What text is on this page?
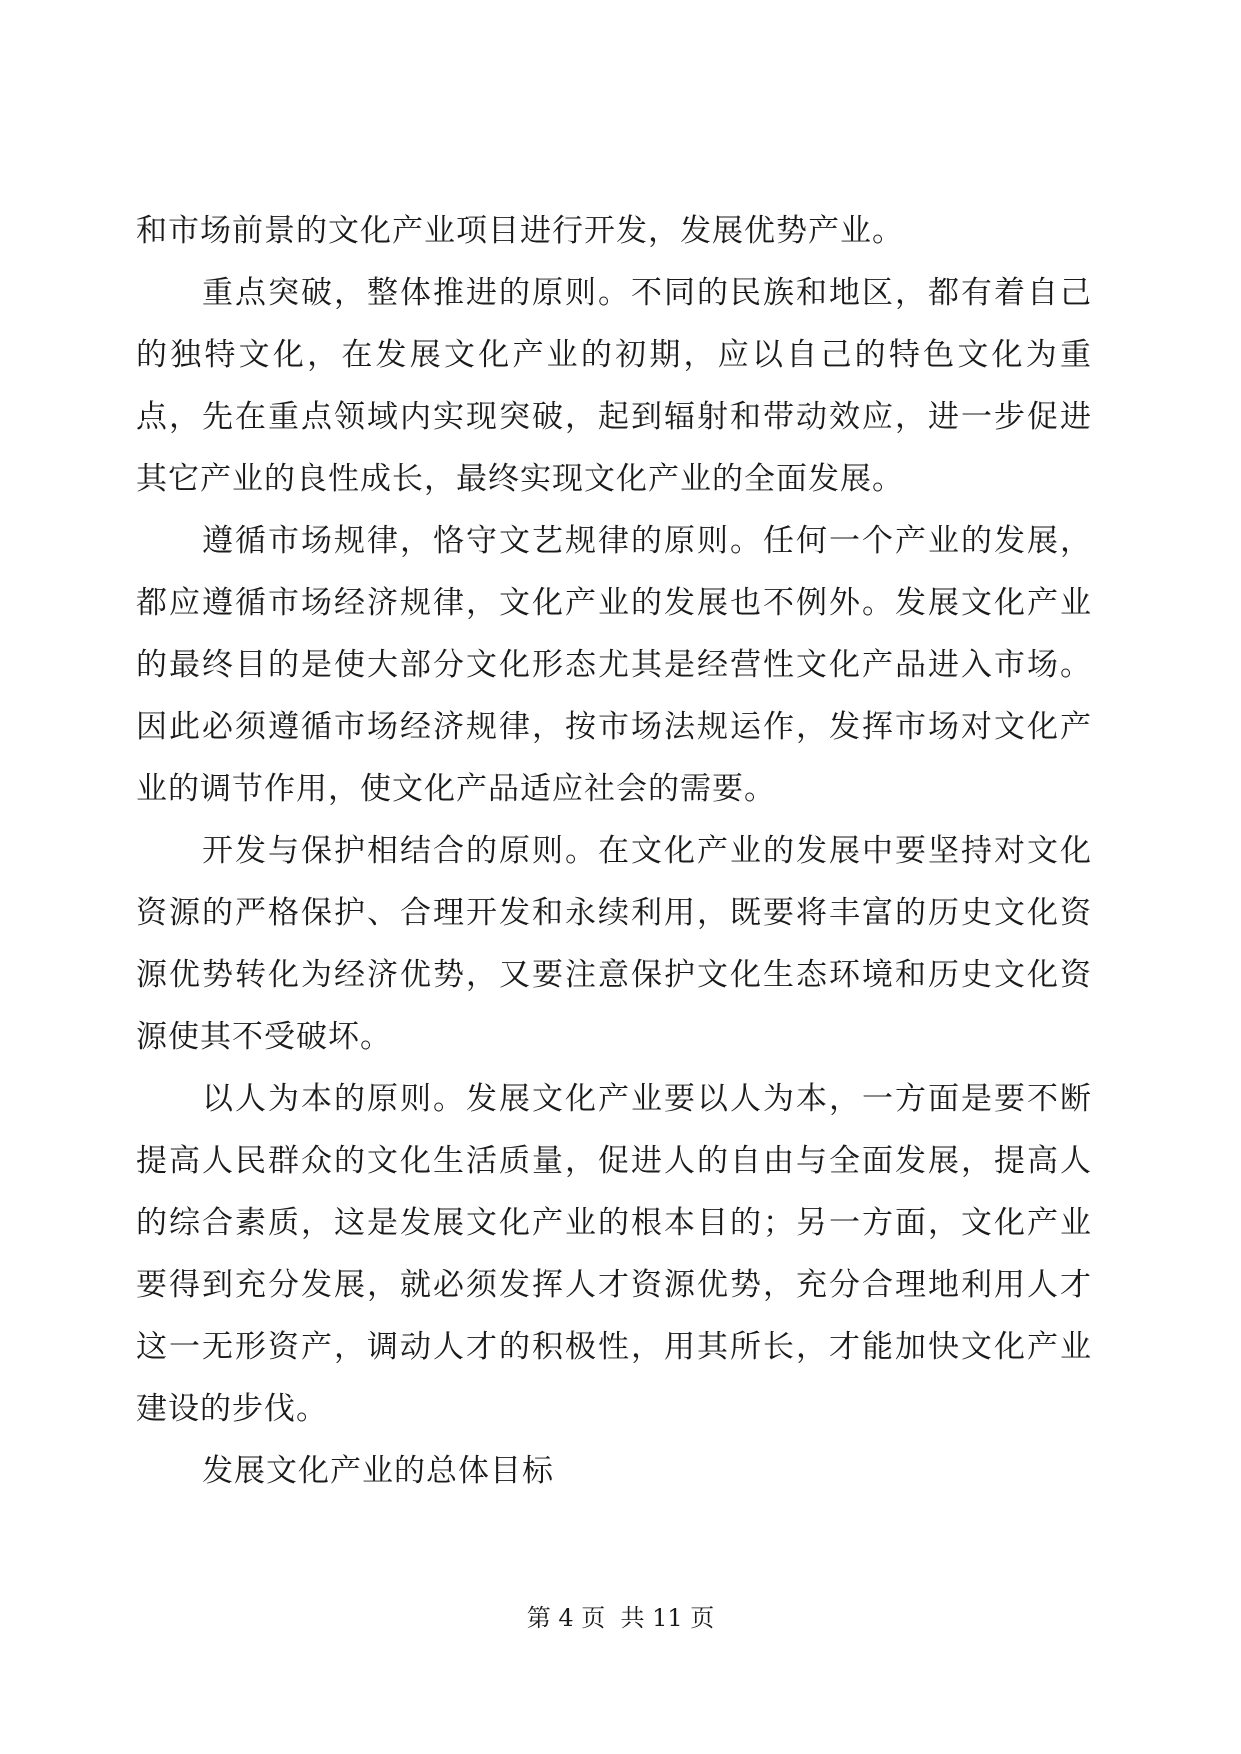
和市场前景的文化产业项目进行开发，发展优势产业。

重点突破，整体推进的原则。不同的民族和地区，都有着自己的独特文化，在发展文化产业的初期，应以自己的特色文化为重点，先在重点领域内实现突破，起到辐射和带动效应，进一步促进其它产业的良性成长，最终实现文化产业的全面发展。

遵循市场规律，恪守文艺规律的原则。任何一个产业的发展，都应遵循市场经济规律，文化产业的发展也不例外。发展文化产业的最终目的是使大部分文化形态尤其是经营性文化产品进入市场。因此必须遵循市场经济规律，按市场法规运作，发挥市场对文化产业的调节作用，使文化产品适应社会的需要。

开发与保护相结合的原则。在文化产业的发展中要坚持对文化资源的严格保护、合理开发和永续利用，既要将丰富的历史文化资源优势转化为经济优势，又要注意保护文化生态环境和历史文化资源使其不受破坏。

以人为本的原则。发展文化产业要以人为本，一方面是要不断提高人民群众的文化生活质量，促进人的自由与全面发展，提高人的综合素质，这是发展文化产业的根本目的；另一方面，文化产业要得到充分发展，就必须发挥人才资源优势，充分合理地利用人才这一无形资产，调动人才的积极性，用其所长，才能加快文化产业建设的步伐。

发展文化产业的总体目标

第 4 页  共 11 页
